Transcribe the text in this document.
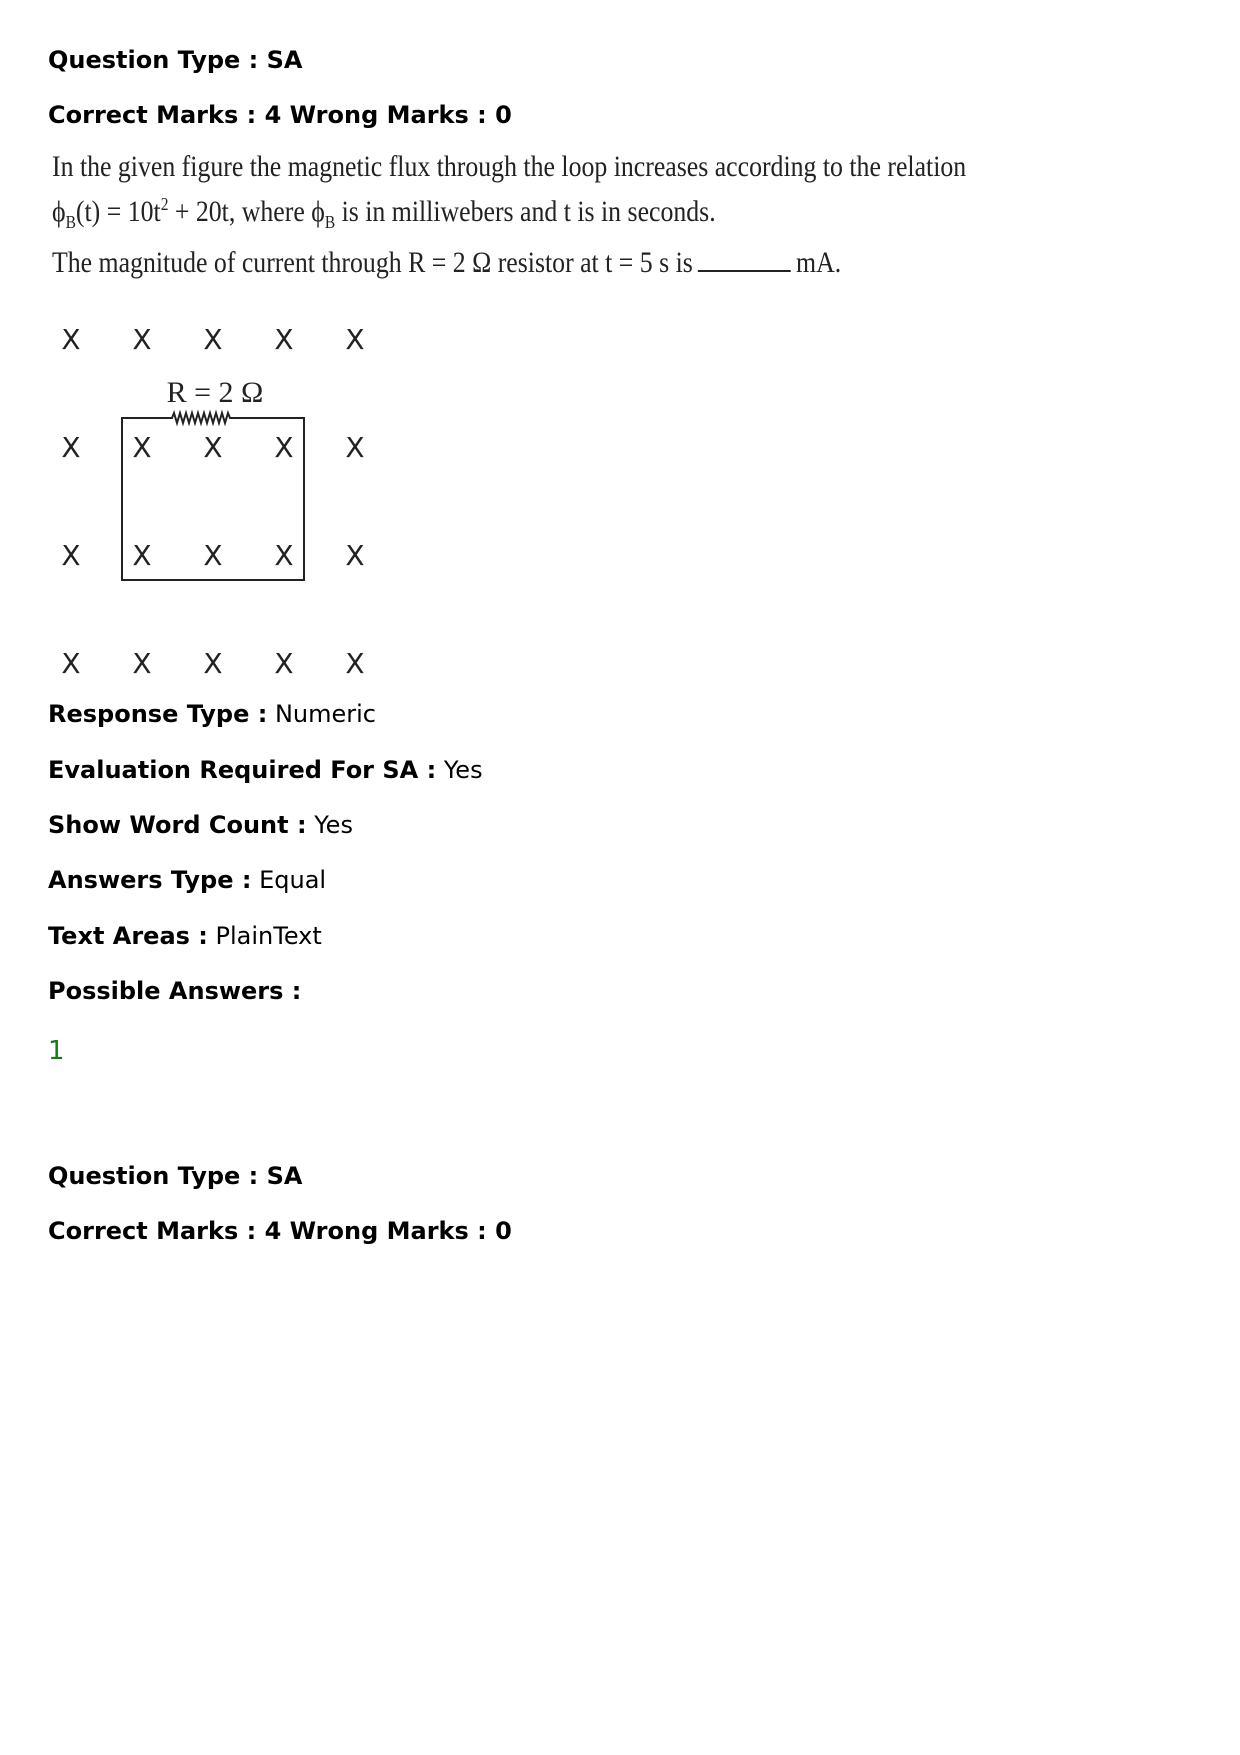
Question Type : SA
Correct Marks : 4 Wrong Marks : 0
In the given figure the magnetic flux through the loop increases according to the relation
$\phi_B(t) = 10t^2 + 20t$, where $\phi_B$ is in milliwebers and t is in seconds.
The magnitude of current through R = 2 Ω resistor at t = 5 s is	mA.
X X X X X
X X X X X
X X X X X
X X X X X
R = 2 Ω
Response Type : Numeric
Evaluation Required For SA : Yes
Show Word Count : Yes
Answers Type : Equal
Text Areas : PlainText
Possible Answers :
1
Question Type : SA
Correct Marks : 4 Wrong Marks : 0
